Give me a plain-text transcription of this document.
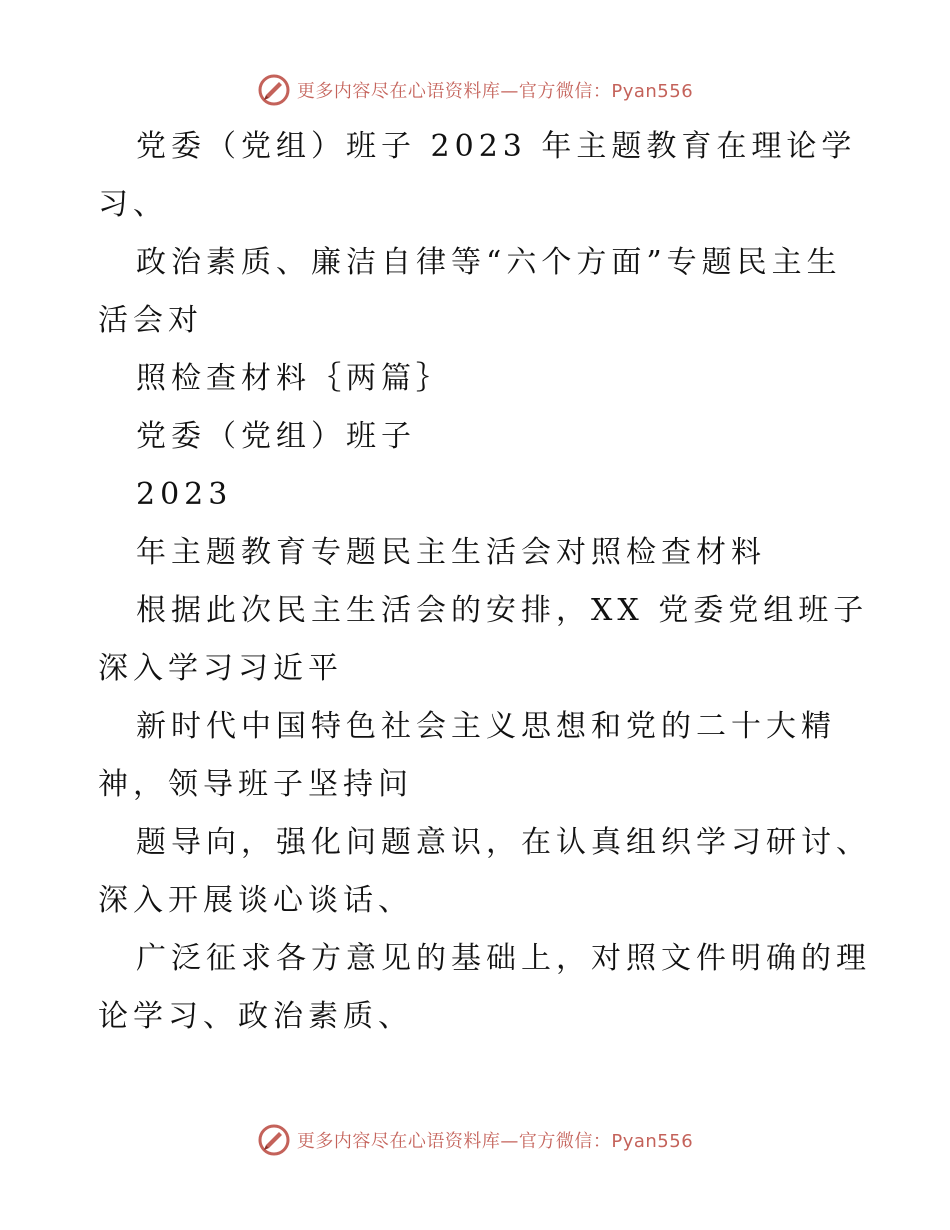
更多内容尽在心语资料库—官方微信：Pyan556
党委（党组）班子 2023 年主题教育在理论学
习、
政治素质、廉洁自律等“六个方面”专题民主生
活会对
照检查材料｛两篇｝
党委（党组）班子
2023
年主题教育专题民主生活会对照检查材料
根据此次民主生活会的安排，XX 党委党组班子
深入学习习近平
新时代中国特色社会主义思想和党的二十大精
神，领导班子坚持问
题导向，强化问题意识，在认真组织学习研讨、
深入开展谈心谈话、
广泛征求各方意见的基础上，对照文件明确的理
论学习、政治素质、
更多内容尽在心语资料库—官方微信：Pyan556
